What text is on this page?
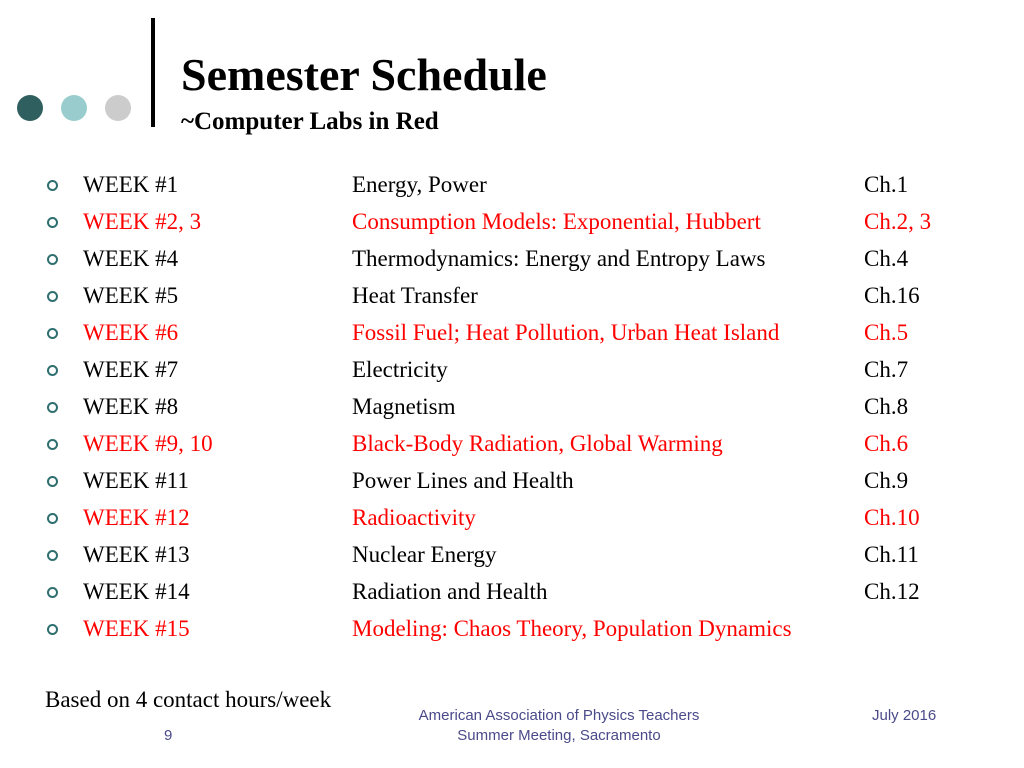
Semester Schedule
~Computer Labs in Red
WEEK #1	Energy, Power	Ch.1
WEEK #2, 3	Consumption Models: Exponential, Hubbert	Ch.2, 3
WEEK #4	Thermodynamics: Energy and Entropy Laws	Ch.4
WEEK #5	Heat Transfer	Ch.16
WEEK #6	Fossil Fuel; Heat Pollution, Urban Heat Island	Ch.5
WEEK #7	Electricity	Ch.7
WEEK #8	Magnetism	Ch.8
WEEK #9, 10	Black-Body Radiation, Global Warming	Ch.6
WEEK #11	Power Lines and Health	Ch.9
WEEK #12	Radioactivity	Ch.10
WEEK #13	Nuclear Energy	Ch.11
WEEK #14	Radiation and Health	Ch.12
WEEK #15	Modeling: Chaos Theory, Population Dynamics
Based on 4 contact hours/week
9
American Association of Physics Teachers
Summer Meeting, Sacramento
July 2016
